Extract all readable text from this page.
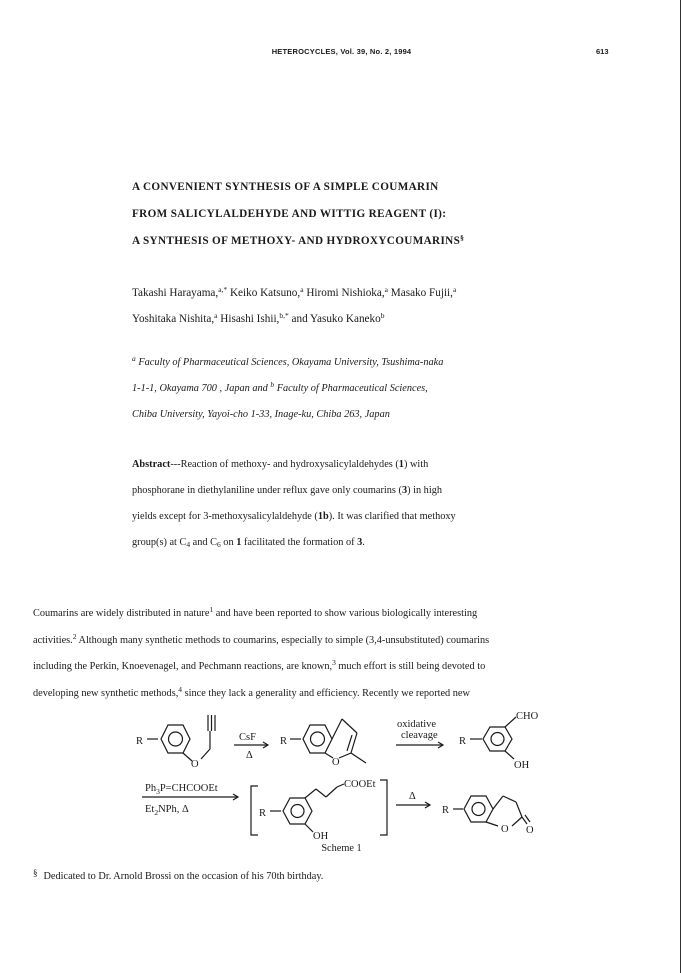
HETEROCYCLES, Vol. 39, No. 2, 1994	613
A CONVENIENT SYNTHESIS OF A SIMPLE COUMARIN
FROM SALICYLALDEHYDE AND WITTIG REAGENT (I):
A SYNTHESIS OF METHOXY- AND HYDROXYCOUMARINS§
Takashi Harayama,$^{a,*}$ Keiko Katsuno,$^a$ Hiromi Nishioka,$^a$ Masako Fujii,$^a$
Yoshitaka Nishita,$^a$ Hisashi Ishii,$^{b,*}$ and Yasuko Kaneko$^b$
$^a$ Faculty of Pharmaceutical Sciences, Okayama University, Tsushima-naka
1-1-1, Okayama 700 , Japan and $^b$ Faculty of Pharmaceutical Sciences,
Chiba University, Yayoi-cho 1-33, Inage-ku, Chiba 263, Japan
Abstract---Reaction of methoxy- and hydroxysalicylaldehydes (1) with
phosphorane in diethylaniline under reflux gave only coumarins (3) in high
yields except for 3-methoxysalicylaldehyde (1b). It was clarified that methoxy
group(s) at $C_4$ and $C_6$ on 1 facilitated the formation of 3.
Coumarins are widely distributed in nature$^1$ and have been reported to show various biologically interesting
activities.$^2$ Although many synthetic methods to coumarins, especially to simple (3,4-unsubstituted) coumarins
including the Perkin, Knoevenagel, and Pechmann reactions, are known,$^3$ much effort is still being devoted to
developing new synthetic methods,$^4$ since they lack a generality and efficiency. Recently we reported new
R
O
CsF
Δ
R
O
oxidative
cleavage
R
CHO
OH
$Ph_3P=CHCOOEt$
$Et_2NPh$, Δ	R
COOEt
OH
Δ
R
O O
Scheme 1
§ Dedicated to Dr. Arnold Brossi on the occasion of his 70th birthday.
